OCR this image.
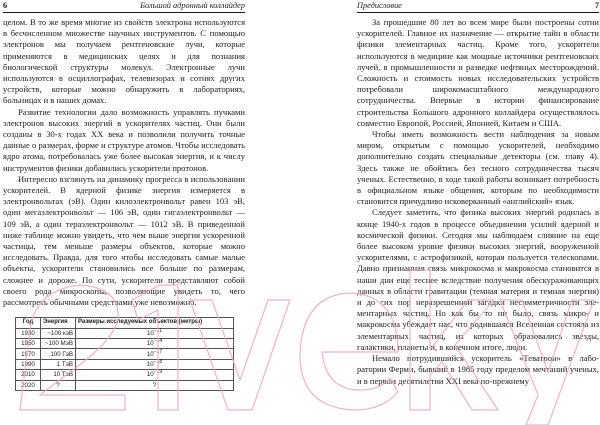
6	Большой адронный коллайдер

целом. В то же время многие из свойств электрона используются в бесчисленном множестве научных инструментов. С помощью электронов мы получаем рентгеновские лучи, которые применяются в медицинских целях и для познания биологической структуры молекул. Электронные лучи используются в осциллографах, телевизорах и сотнях других устройств, которые можно обнаружить в лабораториях, больницах и в наших домах.

Развитие технологии дало возможность управлять пучками электронов высоких энергий в ускорителях частиц. Они были созданы в 30-х годах XX века и позволили получить точные данные о размерах, форме и структуре атомов. Чтобы исследовать ядро атома, потребовалась уже более высокая энергия, и к числу инструментов физики добавились ускорители протонов.

Интересно взглянуть на динамику прогресса в использовании ускорителей. В ядерной физике энергия измеряется в электронвольтах (эВ). Один килоэлектронвольт равен 103 эВ, один мегаэлектронвольт — 106 эВ, один гигаэлектронвольт — 109 эВ, а один тераэлектронвольт — 1012 эВ. В приведенной ниже таблице можно увидеть, что чем выше энергия ускоренной частицы, тем меньше размеры объектов, которые можно исследовать. Правда, для того чтобы исследовать самые малые объекты, ускорители становились все больше по размерам, сложнее и дороже. По сути, ускорители представляют собой своего рода микроскопы, позволяющие увидеть то, чего рассмотреть обычными средствами уже невозможно.

Год	Энергия	Размеры исследуемых объектов (метры)
1930	~100 кэВ	$10^{-11}$
1950	~100 МэВ	$10^{-14}$
1970	100 ГэВ	$10^{-17}$
1990	1 ТэВ	$10^{-18}$
2010	10 ТэВ	$10^{-19}$
2020	?	?
Предисловие	7

За прошедшие 80 лет во всем мире были построены сотни ускорителей. Главное их назначение — открытие тайн в области физики элементарных частиц. Кроме того, ускорители используются в медицине как мощные источники рентгеновских лучей, в промышленности и разведке нефтяных месторождений. Сложность и стоимость новых исследовательских устройств потребовали широкомасштабного международного сотрудничества. Впервые в истории финансирование строительства Большого адронного коллайдера осуществлялось совместно Европой, Россией, Японией, Китаем и США.

Чтобы иметь возможность вести наблюдения за новым миром, открытым с помощью ускорителей, необходимо дополнительно создать специальные детекторы (см. главу 4). Здесь также не обойтись без тесного сотрудничества тысяч ученых. Естественно, в ходе такой работы возникает потребность в официальном языке общения, которым по необходимости становится причудливо исковерканный «английский» язык.

Следует заметить, что физика высоких энергий родилась в конце 1940-х годов в процессе объединения усилий ядерной и космической физики. Сегодня мы наблюдаем слияние на еще более высоком уровне физики высоких энергий, вооруженной ускорителями, с астрофизикой, которая пользуется телескопами. Давно признанная связь микрокосма и макрокосма становится в наши дни еще теснее вследствие получения обескураживающих данных в области гравитации (темная материя и темная энергия) и до сих пор неразрешенной загадки несимметричности элементарных частиц. Но как бы то ни было, связь микро- и макрокосма убеждает нас, что родившаяся Вселенная состояла из элементарных частиц, из которых образовались звезды, галактики, планеты и, в конечном итоге, люди.

Немало потрудившийся ускоритель «Теватрон» в лаборатории Ферми, бывший в 1985 году пределом мечтаний ученых, и в первом десятилетии XXI века по-прежнему
